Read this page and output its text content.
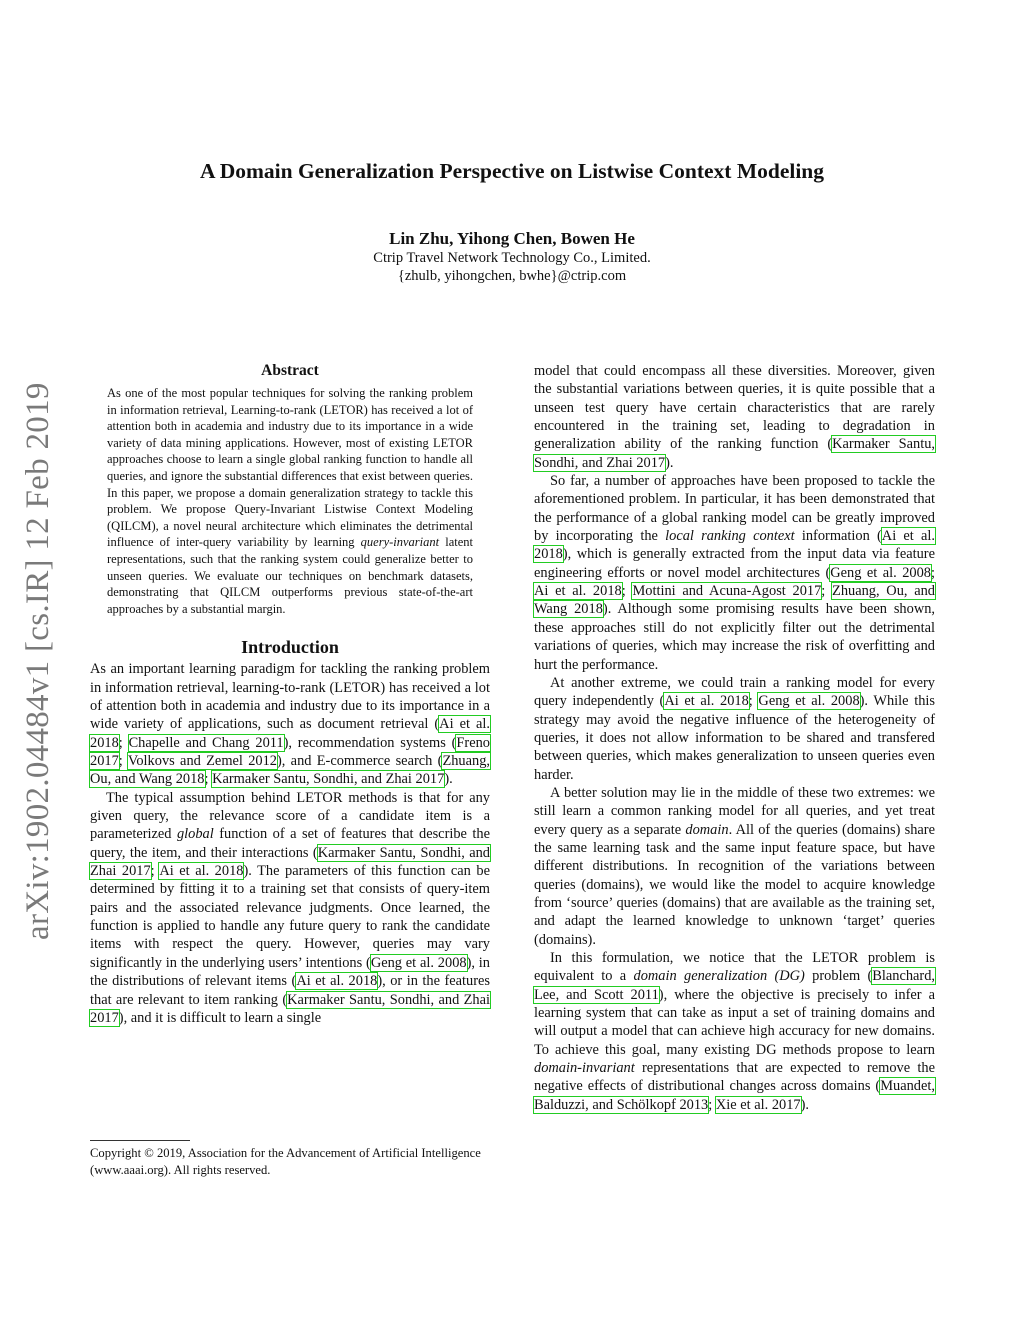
A Domain Generalization Perspective on Listwise Context Modeling
Lin Zhu, Yihong Chen, Bowen He
Ctrip Travel Network Technology Co., Limited.
{zhulb, yihongchen, bwhe}@ctrip.com
arXiv:1902.04484v1 [cs.IR] 12 Feb 2019
Abstract
As one of the most popular techniques for solving the ranking problem in information retrieval, Learning-to-rank (LETOR) has received a lot of attention both in academia and industry due to its importance in a wide variety of data mining applications. However, most of existing LETOR approaches choose to learn a single global ranking function to handle all queries, and ignore the substantial differences that exist between queries. In this paper, we propose a domain generalization strategy to tackle this problem. We propose Query-Invariant Listwise Context Modeling (QILCM), a novel neural architecture which eliminates the detrimental influence of inter-query variability by learning query-invariant latent representations, such that the ranking system could generalize better to unseen queries. We evaluate our techniques on benchmark datasets, demonstrating that QILCM outperforms previous state-of-the-art approaches by a substantial margin.
Introduction

As an important learning paradigm for tackling the ranking problem in information retrieval, learning-to-rank (LETOR) has received a lot of attention both in academia and industry due to its importance in a wide variety of applications, such as document retrieval (Ai et al. 2018; Chapelle and Chang 2011), recommendation systems (Freno 2017; Volkovs and Zemel 2012), and E-commerce search (Zhuang, Ou, and Wang 2018; Karmaker Santu, Sondhi, and Zhai 2017).

The typical assumption behind LETOR methods is that for any given query, the relevance score of a candidate item is a parameterized global function of a set of features that describe the query, the item, and their interactions (Karmaker Santu, Sondhi, and Zhai 2017; Ai et al. 2018). The parameters of this function can be determined by fitting it to a training set that consists of query-item pairs and the associated relevance judgments. Once learned, the function is applied to handle any future query to rank the candidate items with respect the query. However, queries may vary significantly in the underlying users’ intentions (Geng et al. 2008), in the distributions of relevant items (Ai et al. 2018), or in the features that are relevant to item ranking (Karmaker Santu, Sondhi, and Zhai 2017), and it is difficult to learn a single

Copyright © 2019, Association for the Advancement of Artificial Intelligence (www.aaai.org). All rights reserved.

model that could encompass all these diversities. Moreover, given the substantial variations between queries, it is quite possible that a unseen test query have certain characteristics that are rarely encountered in the training set, leading to degradation in generalization ability of the ranking function (Karmaker Santu, Sondhi, and Zhai 2017).

So far, a number of approaches have been proposed to tackle the aforementioned problem. In particular, it has been demonstrated that the performance of a global ranking model can be greatly improved by incorporating the local ranking context information (Ai et al. 2018), which is generally extracted from the input data via feature engineering efforts or novel model architectures (Geng et al. 2008; Ai et al. 2018; Mottini and Acuna-Agost 2017; Zhuang, Ou, and Wang 2018). Although some promising results have been shown, these approaches still do not explicitly filter out the detrimental variations of queries, which may increase the risk of overfitting and hurt the performance.

At another extreme, we could train a ranking model for every query independently (Ai et al. 2018; Geng et al. 2008). While this strategy may avoid the negative influence of the heterogeneity of queries, it does not allow information to be shared and transfered between queries, which makes generalization to unseen queries even harder.

A better solution may lie in the middle of these two extremes: we still learn a common ranking model for all queries, and yet treat every query as a separate domain. All of the queries (domains) share the same learning task and the same input feature space, but have different distributions. In recognition of the variations between queries (domains), we would like the model to acquire knowledge from ‘source’ queries (domains) that are available as the training set, and adapt the learned knowledge to unknown ‘target’ queries (domains).

In this formulation, we notice that the LETOR problem is equivalent to a domain generalization (DG) problem (Blanchard, Lee, and Scott 2011), where the objective is precisely to infer a learning system that can take as input a set of training domains and will output a model that can achieve high accuracy for new domains. To achieve this goal, many existing DG methods propose to learn domain-invariant representations that are expected to remove the negative effects of distributional changes across domains (Muandet, Balduzzi, and Schölkopf 2013; Xie et al. 2017).
